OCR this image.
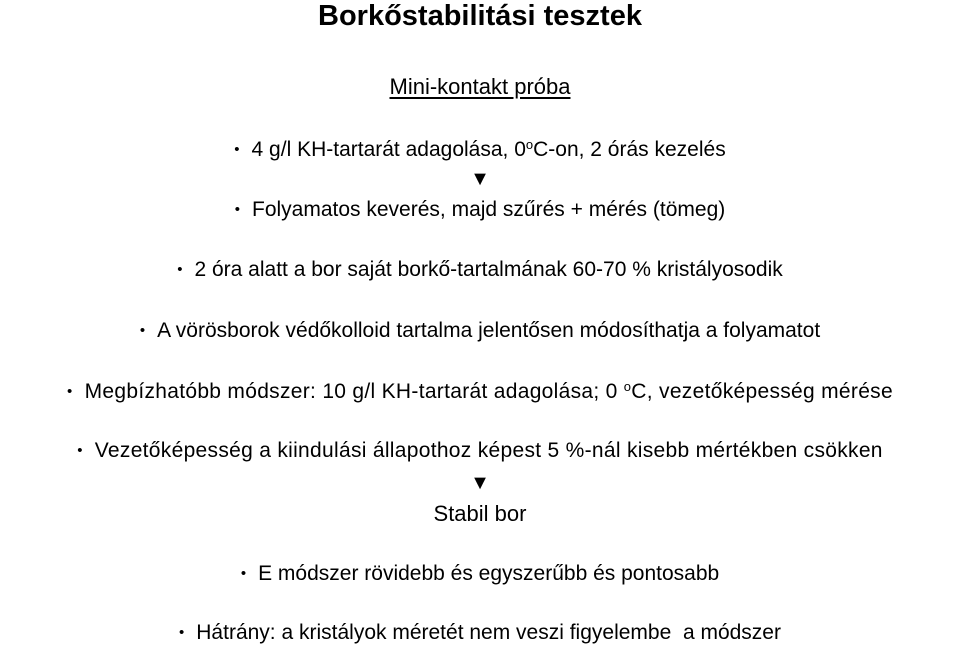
Borkőstabilitási tesztek
Mini-kontakt próba
• 4 g/l KH-tartarát adagolása, 0$^o$C-on, 2 órás kezelés
▼
• Folyamatos keverés, majd szűrés + mérés (tömeg)
• 2 óra alatt a bor saját borkő-tartalmának 60-70 % kristályosodik
• A vörösborok védőkolloid tartalma jelentősen módosíthatja a folyamatot
• Megbízhatóbb módszer: 10 g/l KH-tartarát adagolása; 0 $^o$C, vezetőképesség mérése
• Vezetőképesség a kiindulási állapothoz képest 5 %-nál kisebb mértékben csökken
▼
Stabil bor
• E módszer rövidebb és egyszerűbb és pontosabb
• Hátrány: a kristályok méretét nem veszi figyelembe  a módszer
